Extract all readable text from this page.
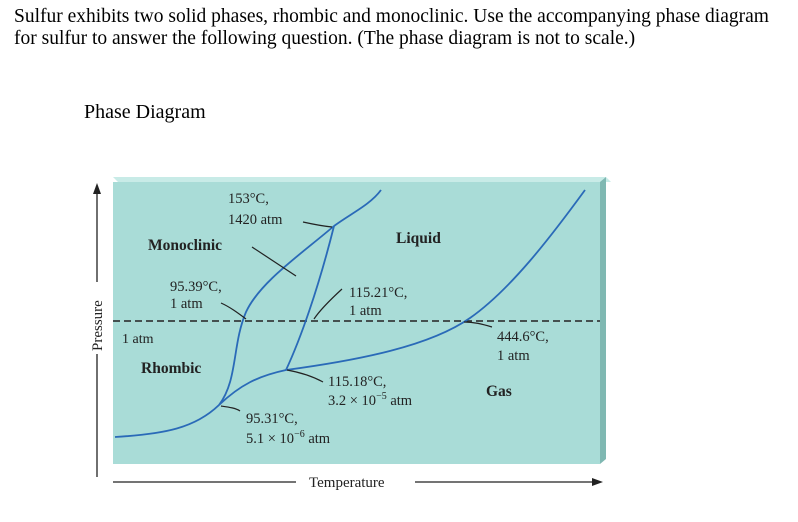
Sulfur exhibits two solid phases, rhombic and monoclinic. Use the accompanying phase diagram for sulfur to answer the following question. (The phase diagram is not to scale.)

Phase Diagram
Pressure
Temperature
1 atm
Monoclinic	Liquid
Rhombic
Gas
153°C,
1420 atm
95.39°C,
1 atm
115.21°C,
1 atm
444.6°C,
1 atm
115.18°C,
$3.2 \times 10^{-5}$ atm
95.31°C,
$5.1 \times 10^{-6}$ atm
